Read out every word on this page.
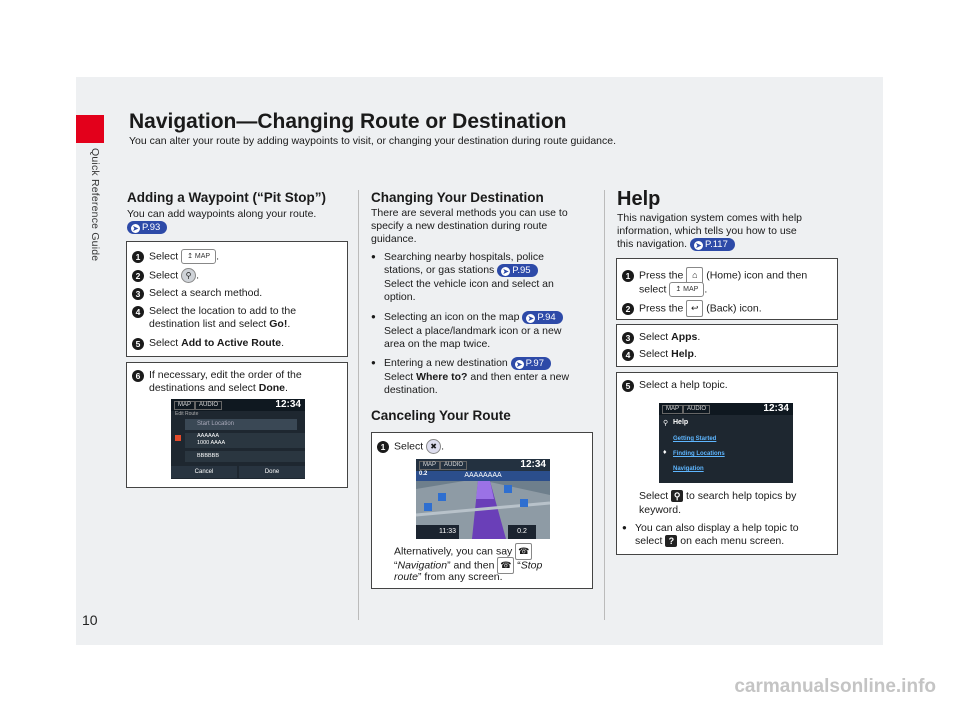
Quick Reference Guide
10
Navigation—Changing Route or Destination
You can alter your route by adding waypoints to visit, or changing your destination during route guidance.
Adding a Waypoint (“Pit Stop”)
You can add waypoints along your route.
➤ P.93
1 Select ↥ MAP .
2 Select ⚲ .
3 Select a search method.
4 Select the location to add to the
destination list and select Go!.
5 Select Add to Active Route.
6 If necessary, edit the order of the
destinations and select Done.
MAP	AUDIO	12:34
Edit Route
Start Location
AAAAAA
1000 AAAA
BBBBBB
Cancel	Done
Changing Your Destination
There are several methods you can use to
specify a new destination during route
guidance.
● Searching nearby hospitals, police
stations, or gas stations ➤ P.95
Select the vehicle icon and select an
option.
● Selecting an icon on the map ➤ P.94
Select a place/landmark icon or a new
area on the map twice.
● Entering a new destination ➤ P.97
Select Where to? and then enter a new
destination.
Canceling Your Route
1 Select ✖ .
MAP	AUDIO	12:34
AAAAAAAA
0.2
11:33	0.2
Alternatively, you can say ☎
“Navigation” and then ☎ “Stop
route” from any screen.
Help
This navigation system comes with help
information, which tells you how to use
this navigation. ➤ P.117
1 Press the ⌂ (Home) icon and then
select ↥ MAP .
2 Press the ↩ (Back) icon.
3 Select Apps.
4 Select Help.
5 Select a help topic.
MAP	AUDIO	12:34
⚲ Help
Getting Started
Finding Locations
Navigation
♦
Select ⚲ to search help topics by
keyword.
● You can also display a help topic to
select ? on each menu screen.
carmanualsonline.info
